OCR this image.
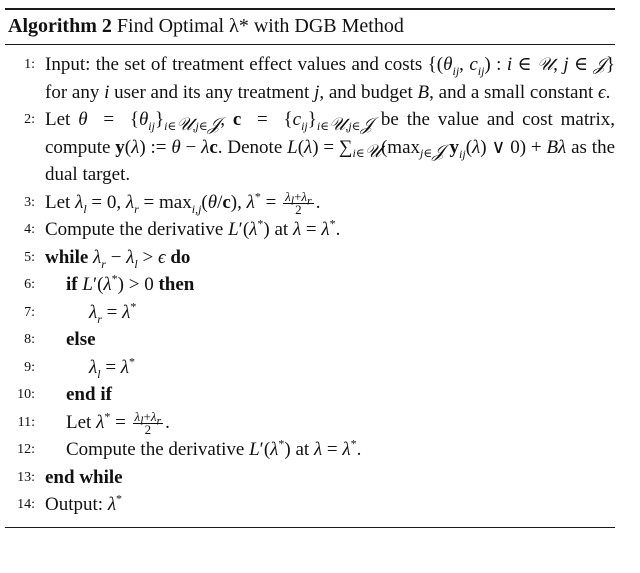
Algorithm 2 Find Optimal λ* with DGB Method
1: Input: the set of treatment effect values and costs {($\theta_{ij}$, $c_{ij}$) : i ∈ 𝒰, j ∈ 𝒥} for any i user and its any treatment j, and budget B, and a small constant ϵ.
2: Let $\theta = \{\theta_{ij}\}_{i\in 𝒰,j\in 𝒥}$, $c = \{c_{ij}\}_{i\in 𝒰,j\in 𝒥}$ be the value and cost matrix, compute y(λ) := θ − λc. Denote $L(\lambda) = \sum_{i\in 𝒰}(\max_{j\in 𝒥}$ $y_{ij}(\lambda)$ ∨ 0) + Bλ as the dual target.
3: Let $\lambda_l = 0$, $\lambda_r = \max_{i,j}(\theta/c)$, $\lambda^* = \frac{\lambda_l+\lambda_r}{2}$ .
4: Compute the derivative L′(λ*) at λ = λ*.
5: while $\lambda_r - \lambda_l > \epsilon$ do
6: if L′(λ*) > 0 then
7:	$\lambda_r = \lambda^*$
8: else
9:	$\lambda_l = \lambda^*$
10: end if
11: Let $\lambda^* = \frac{\lambda_l+\lambda_r}{2}$ .
12: Compute the derivative L′(λ*) at λ = λ*.
13: end while
14: Output: λ*
